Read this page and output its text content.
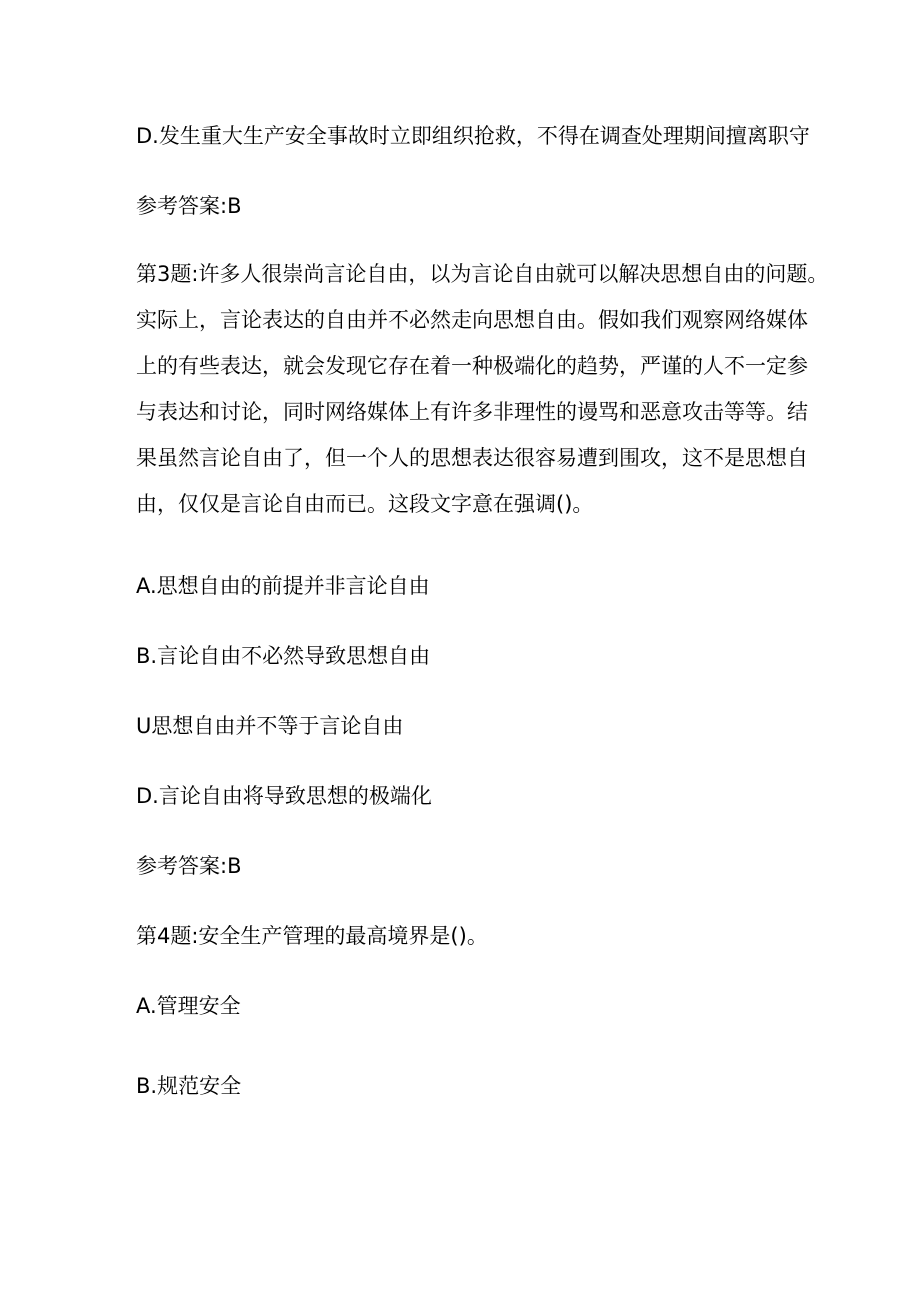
D.发生重大生产安全事故时立即组织抢救，不得在调查处理期间擅离职守
参考答案:B
第3题:许多人很崇尚言论自由，以为言论自由就可以解决思想自由的问题。
实际上，言论表达的自由并不必然走向思想自由。假如我们观察网络媒体
上的有些表达，就会发现它存在着一种极端化的趋势，严谨的人不一定参
与表达和讨论，同时网络媒体上有许多非理性的谩骂和恶意攻击等等。结
果虽然言论自由了，但一个人的思想表达很容易遭到围攻，这不是思想自
由，仅仅是言论自由而已。这段文字意在强调()。
A.思想自由的前提并非言论自由
B.言论自由不必然导致思想自由
U思想自由并不等于言论自由
D.言论自由将导致思想的极端化
参考答案:B
第4题:安全生产管理的最高境界是()。
A.管理安全
B.规范安全
